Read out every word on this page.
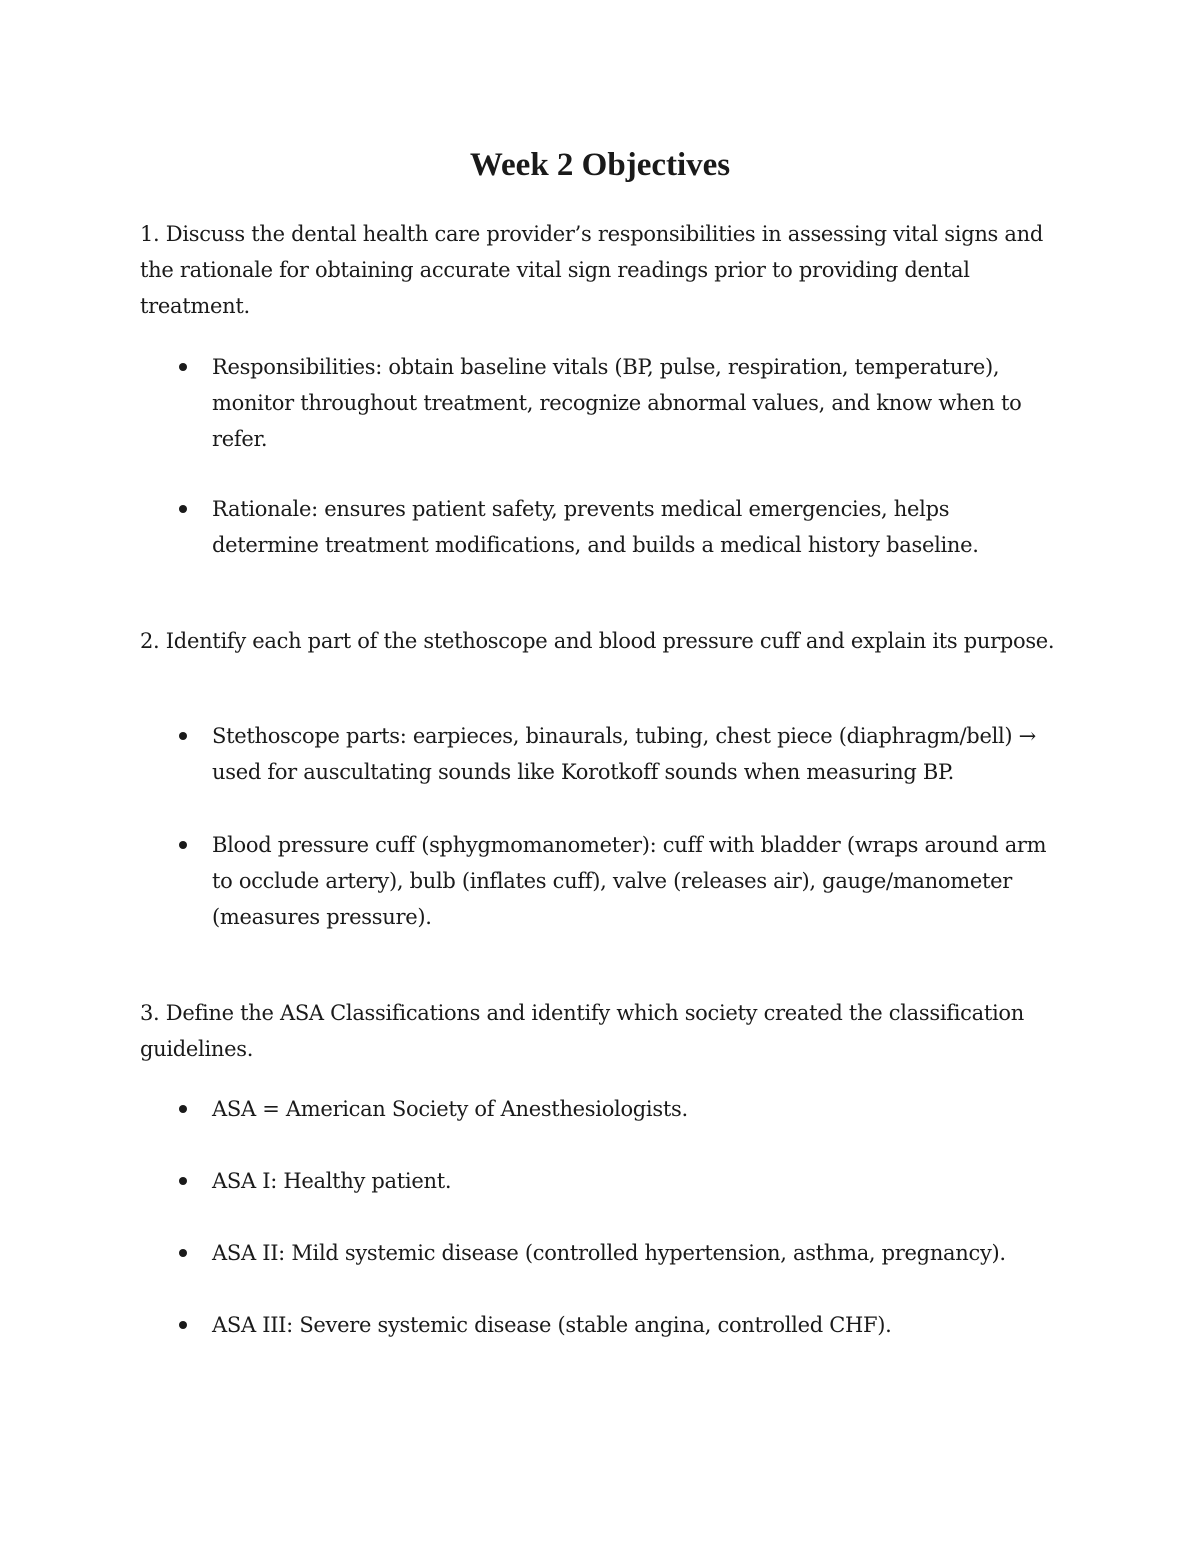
Week 2 Objectives

1. Discuss the dental health care provider’s responsibilities in assessing vital signs and the rationale for obtaining accurate vital sign readings prior to providing dental treatment.

Responsibilities: obtain baseline vitals (BP, pulse, respiration, temperature), monitor throughout treatment, recognize abnormal values, and know when to refer.
Rationale: ensures patient safety, prevents medical emergencies, helps determine treatment modifications, and builds a medical history baseline.

2. Identify each part of the stethoscope and blood pressure cuff and explain its purpose.

Stethoscope parts: earpieces, binaurals, tubing, chest piece (diaphragm/bell) → used for auscultating sounds like Korotkoff sounds when measuring BP.
Blood pressure cuff (sphygmomanometer): cuff with bladder (wraps around arm to occlude artery), bulb (inflates cuff), valve (releases air), gauge/manometer (measures pressure).

3. Define the ASA Classifications and identify which society created the classification guidelines.

ASA = American Society of Anesthesiologists.
ASA I: Healthy patient.
ASA II: Mild systemic disease (controlled hypertension, asthma, pregnancy).
ASA III: Severe systemic disease (stable angina, controlled CHF).
